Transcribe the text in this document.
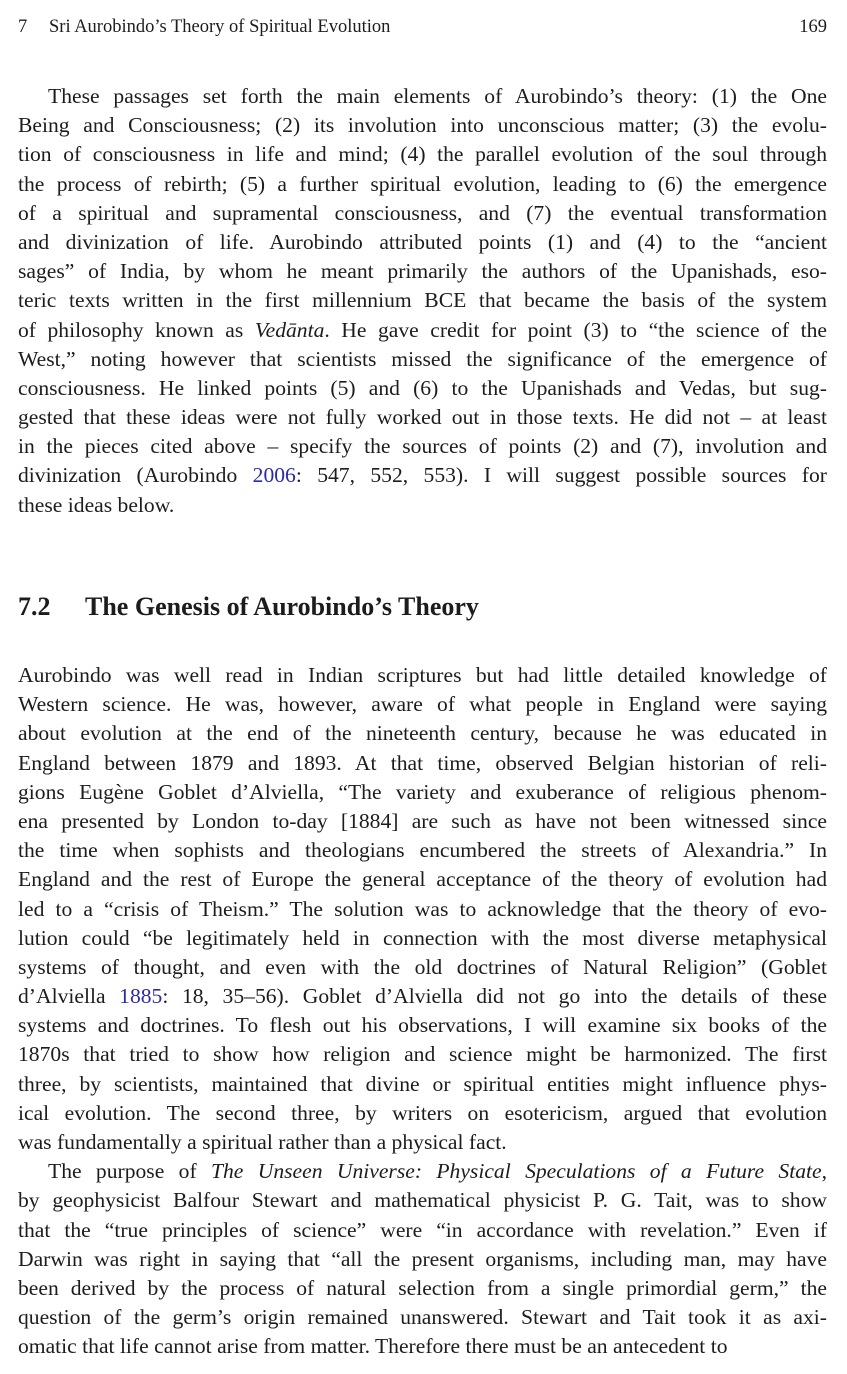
7 Sri Aurobindo’s Theory of Spiritual Evolution	169
These passages set forth the main elements of Aurobindo’s theory: (1) the One
Being and Consciousness; (2) its involution into unconscious matter; (3) the evolu-
tion of consciousness in life and mind; (4) the parallel evolution of the soul through
the process of rebirth; (5) a further spiritual evolution, leading to (6) the emergence
of a spiritual and supramental consciousness, and (7) the eventual transformation
and divinization of life. Aurobindo attributed points (1) and (4) to the “ancient
sages” of India, by whom he meant primarily the authors of the Upanishads, eso-
teric texts written in the first millennium BCE that became the basis of the system
of philosophy known as Vedānta. He gave credit for point (3) to “the science of the
West,” noting however that scientists missed the significance of the emergence of
consciousness. He linked points (5) and (6) to the Upanishads and Vedas, but sug-
gested that these ideas were not fully worked out in those texts. He did not – at least
in the pieces cited above – specify the sources of points (2) and (7), involution and
divinization (Aurobindo 2006: 547, 552, 553). I will suggest possible sources for
these ideas below.
7.2 The Genesis of Aurobindo’s Theory
Aurobindo was well read in Indian scriptures but had little detailed knowledge of
Western science. He was, however, aware of what people in England were saying
about evolution at the end of the nineteenth century, because he was educated in
England between 1879 and 1893. At that time, observed Belgian historian of reli-
gions Eugène Goblet d’Alviella, “The variety and exuberance of religious phenom-
ena presented by London to-day [1884] are such as have not been witnessed since
the time when sophists and theologians encumbered the streets of Alexandria.” In
England and the rest of Europe the general acceptance of the theory of evolution had
led to a “crisis of Theism.” The solution was to acknowledge that the theory of evo-
lution could “be legitimately held in connection with the most diverse metaphysical
systems of thought, and even with the old doctrines of Natural Religion” (Goblet
d’Alviella 1885: 18, 35–56). Goblet d’Alviella did not go into the details of these
systems and doctrines. To flesh out his observations, I will examine six books of the
1870s that tried to show how religion and science might be harmonized. The first
three, by scientists, maintained that divine or spiritual entities might influence phys-
ical evolution. The second three, by writers on esotericism, argued that evolution
was fundamentally a spiritual rather than a physical fact.
The purpose of The Unseen Universe: Physical Speculations of a Future State,
by geophysicist Balfour Stewart and mathematical physicist P. G. Tait, was to show
that the “true principles of science” were “in accordance with revelation.” Even if
Darwin was right in saying that “all the present organisms, including man, may have
been derived by the process of natural selection from a single primordial germ,” the
question of the germ’s origin remained unanswered. Stewart and Tait took it as axi-
omatic that life cannot arise from matter. Therefore there must be an antecedent to
